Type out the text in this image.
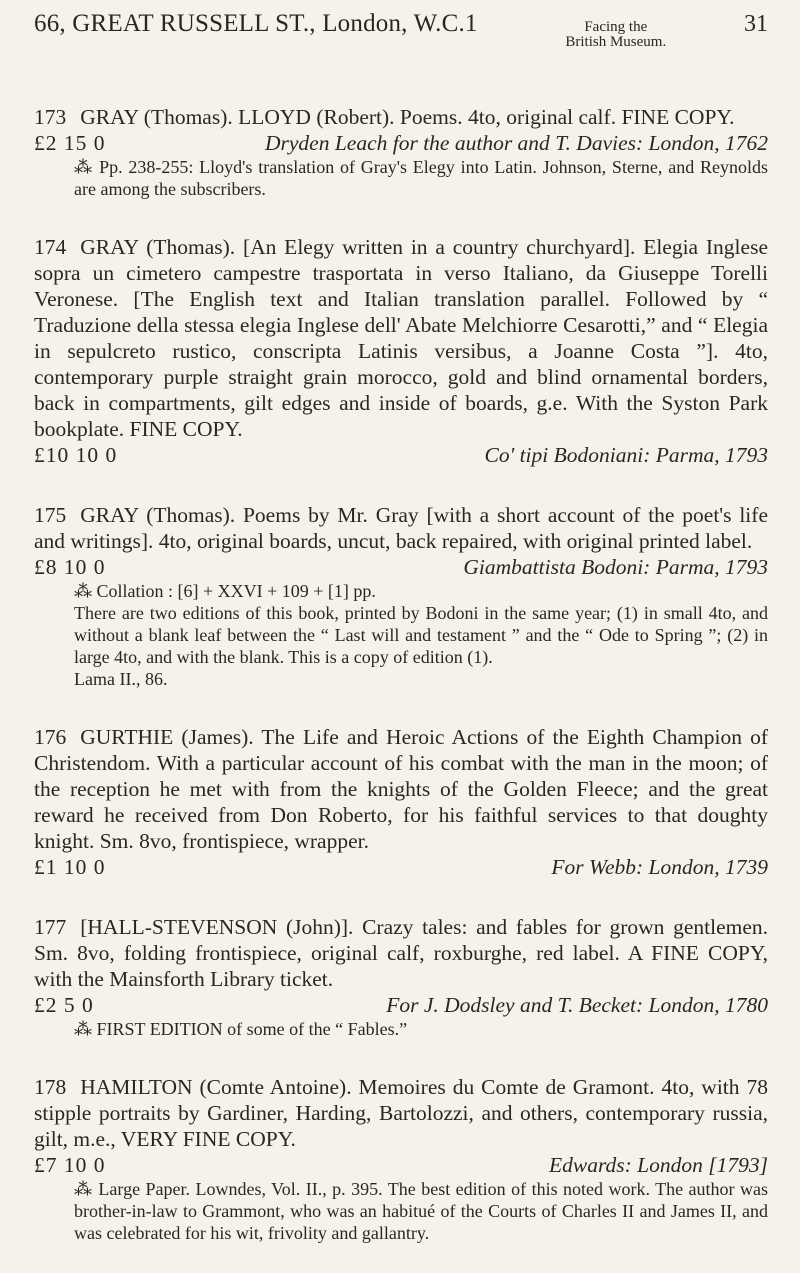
66, GREAT RUSSELL ST., London, W.C.1	Facing the
British Museum.
31

173 GRAY (Thomas). LLOYD (Robert). Poems. 4to, original calf. FINE COPY.

£2 15 0	Dryden Leach for the author and T. Davies: London, 1762

⁂ Pp. 238-255: Lloyd's translation of Gray's Elegy into Latin. Johnson, Sterne, and Reynolds are among the subscribers.

174 GRAY (Thomas). [An Elegy written in a country churchyard]. Elegia Inglese sopra un cimetero campestre trasportata in verso Italiano, da Giuseppe Torelli Veronese. [The English text and Italian translation parallel. Followed by “ Traduzione della stessa elegia Inglese dell' Abate Melchiorre Cesarotti,” and “ Elegia in sepulcreto rustico, conscripta Latinis versibus, a Joanne Costa ”]. 4to, contemporary purple straight grain morocco, gold and blind ornamental borders, back in compartments, gilt edges and inside of boards, g.e. With the Syston Park bookplate. FINE COPY.

£10 10 0	Co' tipi Bodoniani: Parma, 1793

175 GRAY (Thomas). Poems by Mr. Gray [with a short account of the poet's life and writings]. 4to, original boards, uncut, back repaired, with original printed label.

£8 10 0	Giambattista Bodoni: Parma, 1793

⁂ Collation : [6] + XXVI + 109 + [1] pp.

There are two editions of this book, printed by Bodoni in the same year; (1) in small 4to, and without a blank leaf between the “ Last will and testament ” and the “ Ode to Spring ”; (2) in large 4to, and with the blank. This is a copy of edition (1).

Lama II., 86.

176 GURTHIE (James). The Life and Heroic Actions of the Eighth Champion of Christendom. With a particular account of his combat with the man in the moon; of the reception he met with from the knights of the Golden Fleece; and the great reward he received from Don Roberto, for his faithful services to that doughty knight. Sm. 8vo, frontispiece, wrapper.

£1 10 0	For Webb: London, 1739

177 [HALL-STEVENSON (John)]. Crazy tales: and fables for grown gentlemen. Sm. 8vo, folding frontispiece, original calf, roxburghe, red label. A FINE COPY, with the Mainsforth Library ticket.

£2 5 0	For J. Dodsley and T. Becket: London, 1780

⁂ FIRST EDITION of some of the “ Fables.”

178 HAMILTON (Comte Antoine). Memoires du Comte de Gramont. 4to, with 78 stipple portraits by Gardiner, Harding, Bartolozzi, and others, contemporary russia, gilt, m.e., VERY FINE COPY.

£7 10 0	Edwards: London [1793]

⁂ Large Paper. Lowndes, Vol. II., p. 395. The best edition of this noted work. The author was brother-in-law to Grammont, who was an habitué of the Courts of Charles II and James II, and was celebrated for his wit, frivolity and gallantry.
